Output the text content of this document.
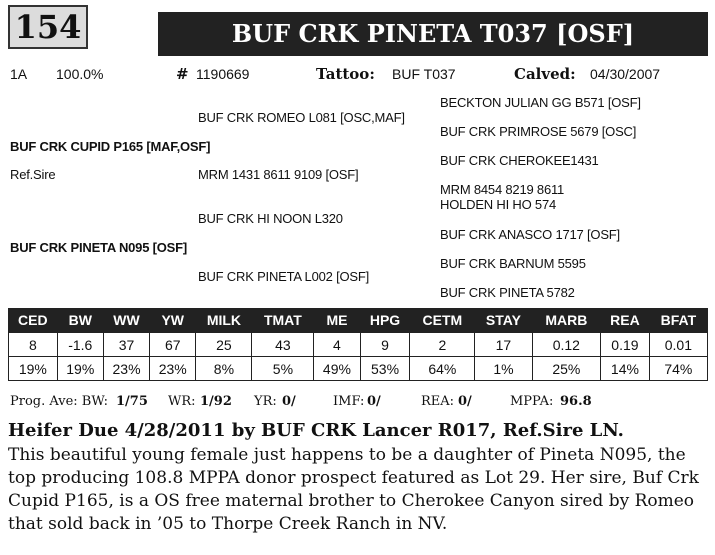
154	BUF CRK PINETA T037 [OSF]
1A 100.0%	# 1190669	Tattoo: BUF T037	Calved: 04/30/2007
BUF CRK CUPID P165 [MAF,OSF]
Ref.Sire
BUF CRK PINETA N095 [OSF]
BUF CRK ROMEO L081 [OSC,MAF]
MRM 1431 8611 9109 [OSF]
BUF CRK HI NOON L320
BUF CRK PINETA L002 [OSF]
BECKTON JULIAN GG B571 [OSF]
BUF CRK PRIMROSE 5679 [OSC]
BUF CRK CHEROKEE1431
MRM 8454 8219 8611
HOLDEN HI HO 574
BUF CRK ANASCO 1717 [OSF]
BUF CRK BARNUM 5595
BUF CRK PINETA 5782
CED	BW	WW	YW	MILK	TMAT	ME	HPG	CETM	STAY	MARB	REA	BFAT
8	-1.6	37	67	25	43	4	9	2	17	0.12	0.19	0.01
19%	19%	23%	23%	8%	5%	49%	53%	64%	1%	25%	14%	74%
Prog. Ave: BW: 1/75 WR: 1/92 YR: 0/	IMF: 0/	REA: 0/	MPPA: 96.8
Heifer Due 4/28/2011 by BUF CRK Lancer R017, Ref.Sire LN.
This beautiful young female just happens to be a daughter of Pineta N095, the top producing 108.8 MPPA donor prospect featured as Lot 29. Her sire, Buf Crk Cupid P165, is a OS free maternal brother to Cherokee Canyon sired by Romeo that sold back in ’05 to Thorpe Creek Ranch in NV.
